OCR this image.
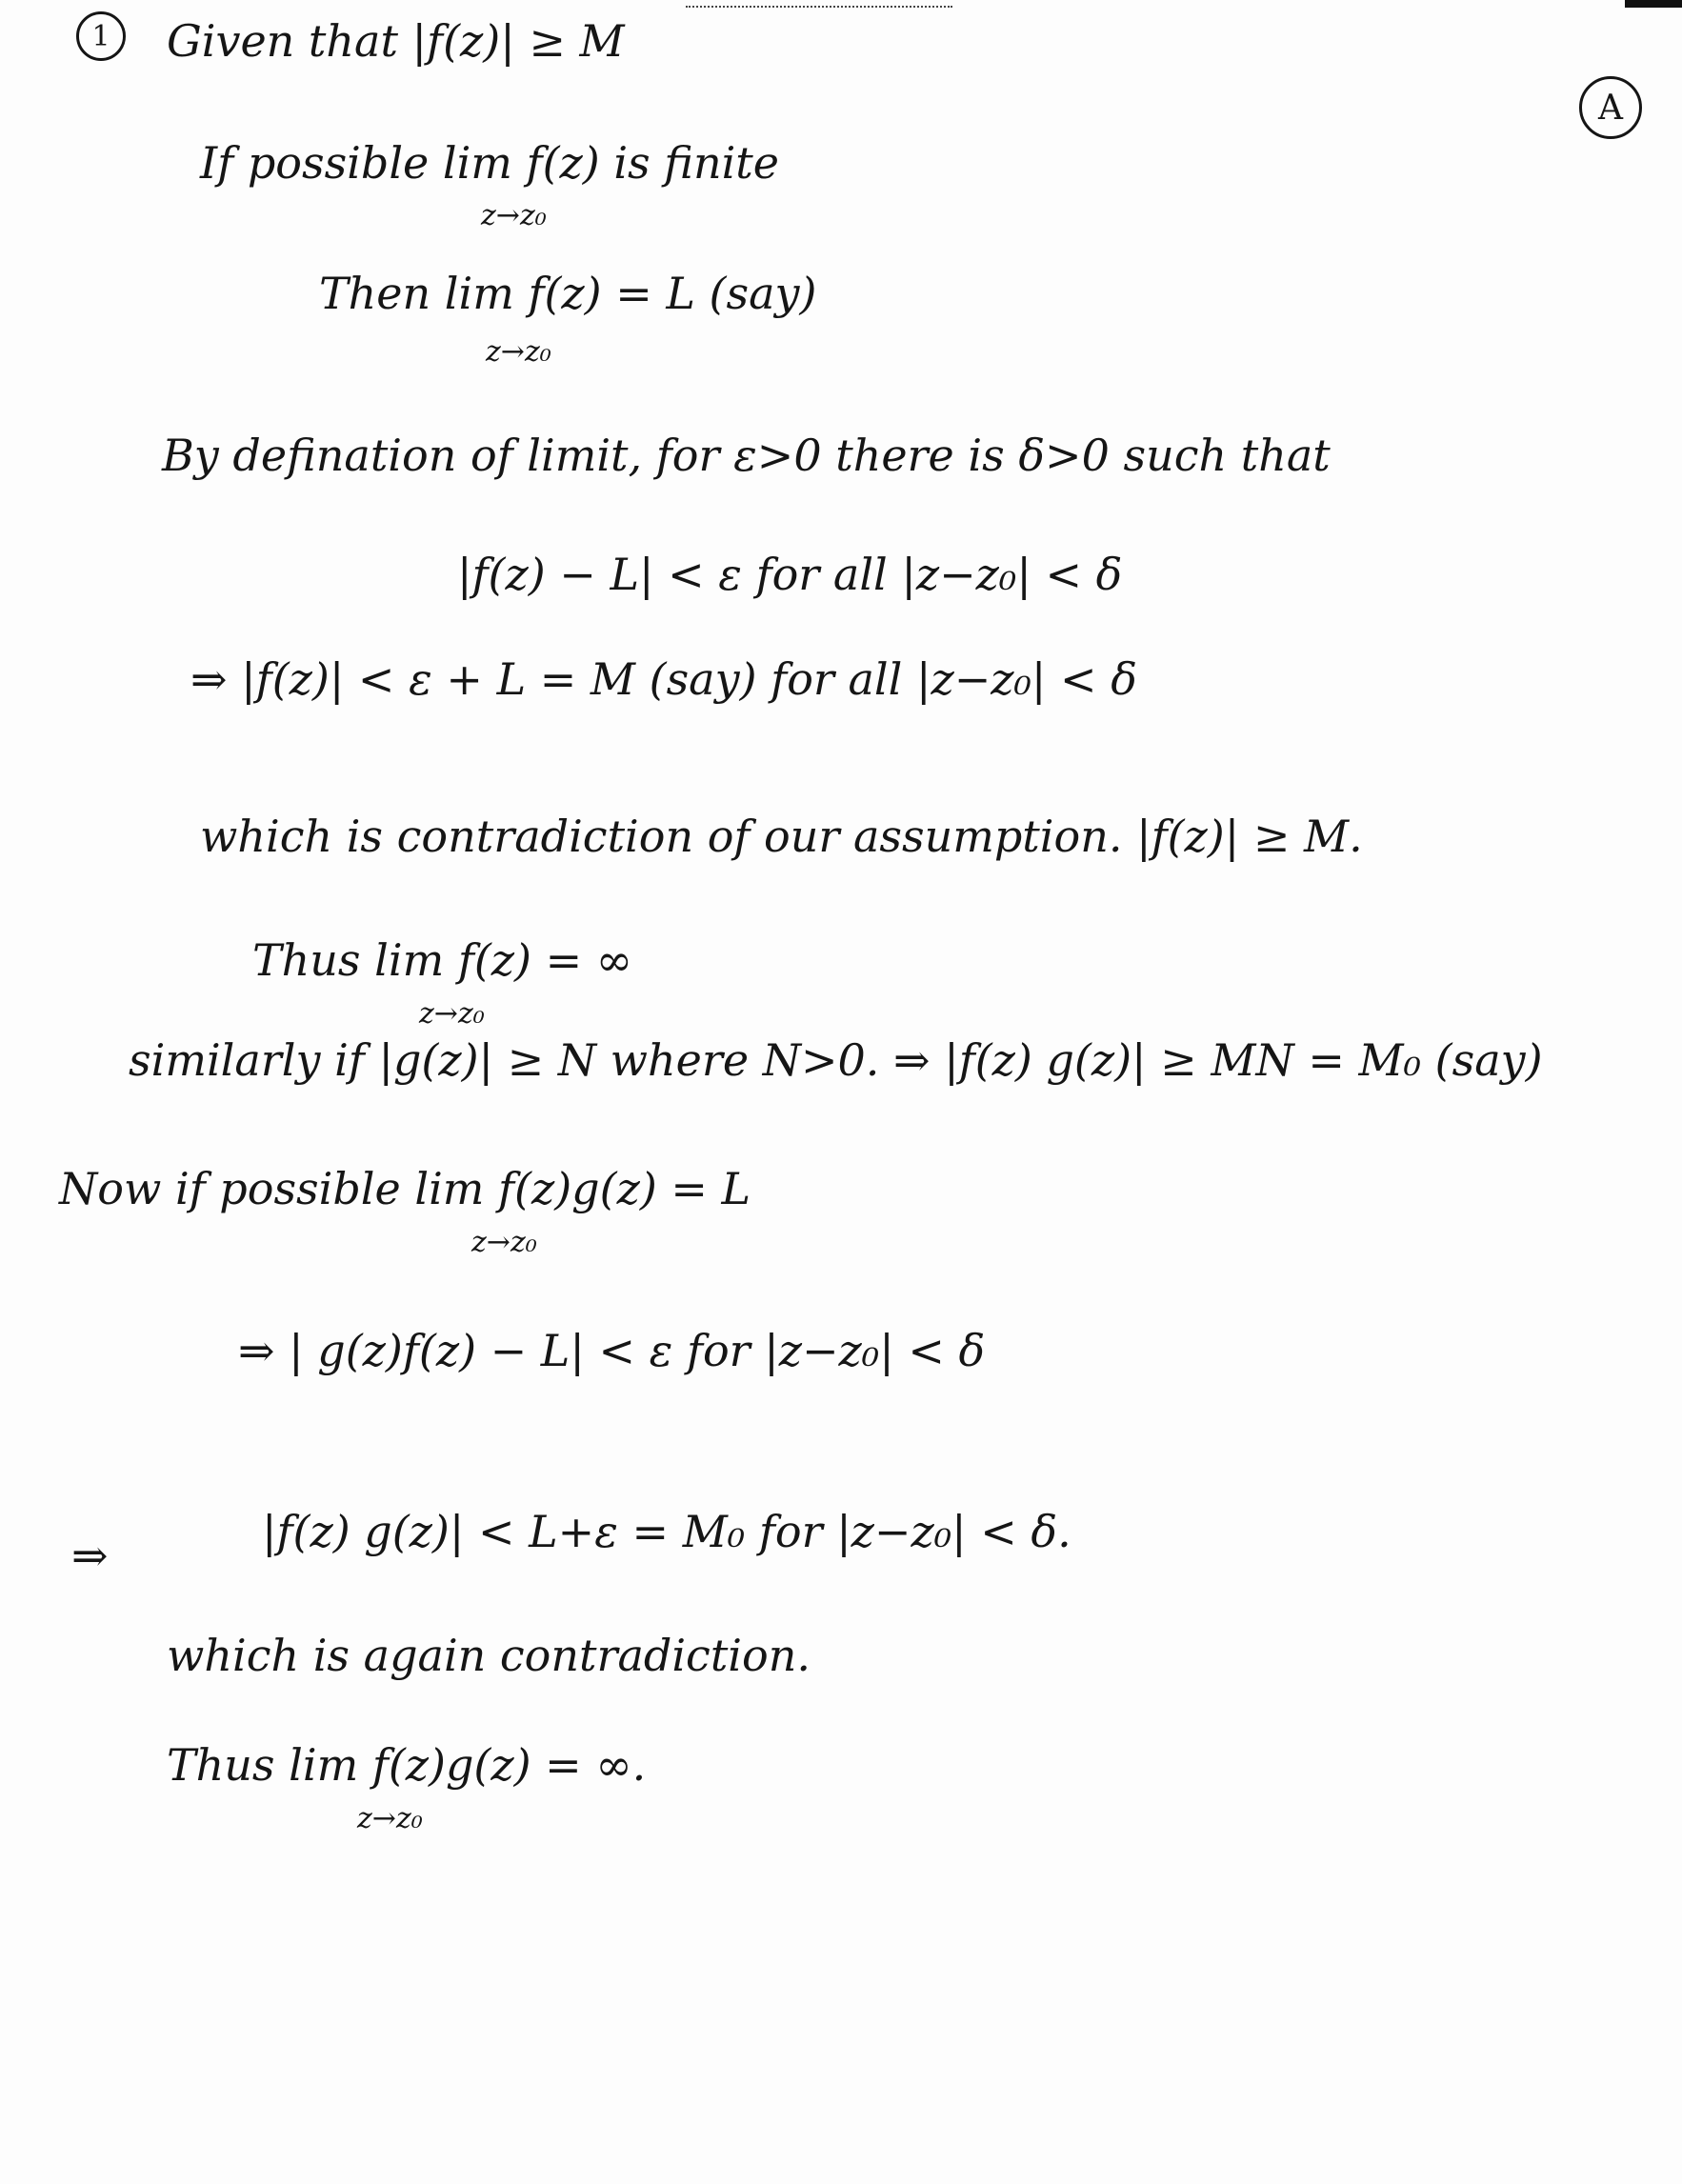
1
A
Given that |f(z)| ≥ M
If possible lim f(z) is finite
z→z₀
Then lim f(z) = L (say)
z→z₀
By defination of limit, for ε>0 there is δ>0 such that
|f(z) − L| < ε for all |z−z₀| < δ
⇒ |f(z)| < ε + L = M (say) for all |z−z₀| < δ
which is contradiction of our assumption. |f(z)| ≥ M.
Thus lim f(z) = ∞
z→z₀
similarly if |g(z)| ≥ N where N>0. ⇒ |f(z) g(z)| ≥ MN = M₀ (say)
Now if possible lim f(z)g(z) = L
z→z₀
⇒ | g(z)f(z) − L| < ε for |z−z₀| < δ
⇒	|f(z) g(z)| < L+ε = M₀ for |z−z₀| < δ.
which is again contradiction.
Thus lim f(z)g(z) = ∞.
z→z₀
